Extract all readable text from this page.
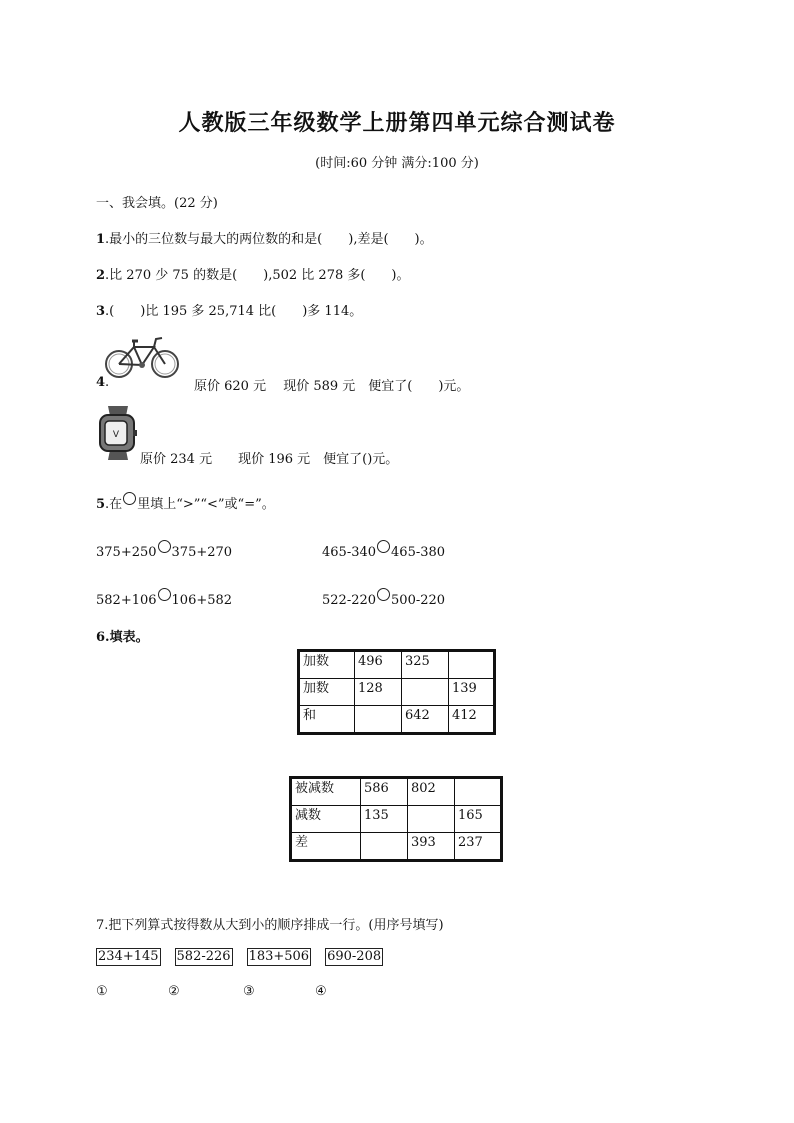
人教版三年级数学上册第四单元综合测试卷
(时间:60 分钟 满分:100 分)
一、我会填。(22 分)
1.最小的三位数与最大的两位数的和是(　　),差是(　　)。
2.比 270 少 75 的数是(　　),502 比 278 多(　　)。
3.(　　)比 195 多 25,714 比(　　)多 114。
4.	原价 620 元　 现价 589 元　便宜了(　　)元。
V
原价 234 元　　现价 196 元　便宜了()元。
5.在 里填上“>”“<”或“=”。
375+250 375+270	465-340 465-380
582+106 106+582	522-220 500-220
6.填表。
加数	496	325	
加数	128		139
和		642	412
被减数	586	802	
减数	135		165
差		393	237
7.把下列算式按得数从大到小的顺序排成一行。(用序号填写)
234+145 582-226 183+506 690-208
①	②	③	④
